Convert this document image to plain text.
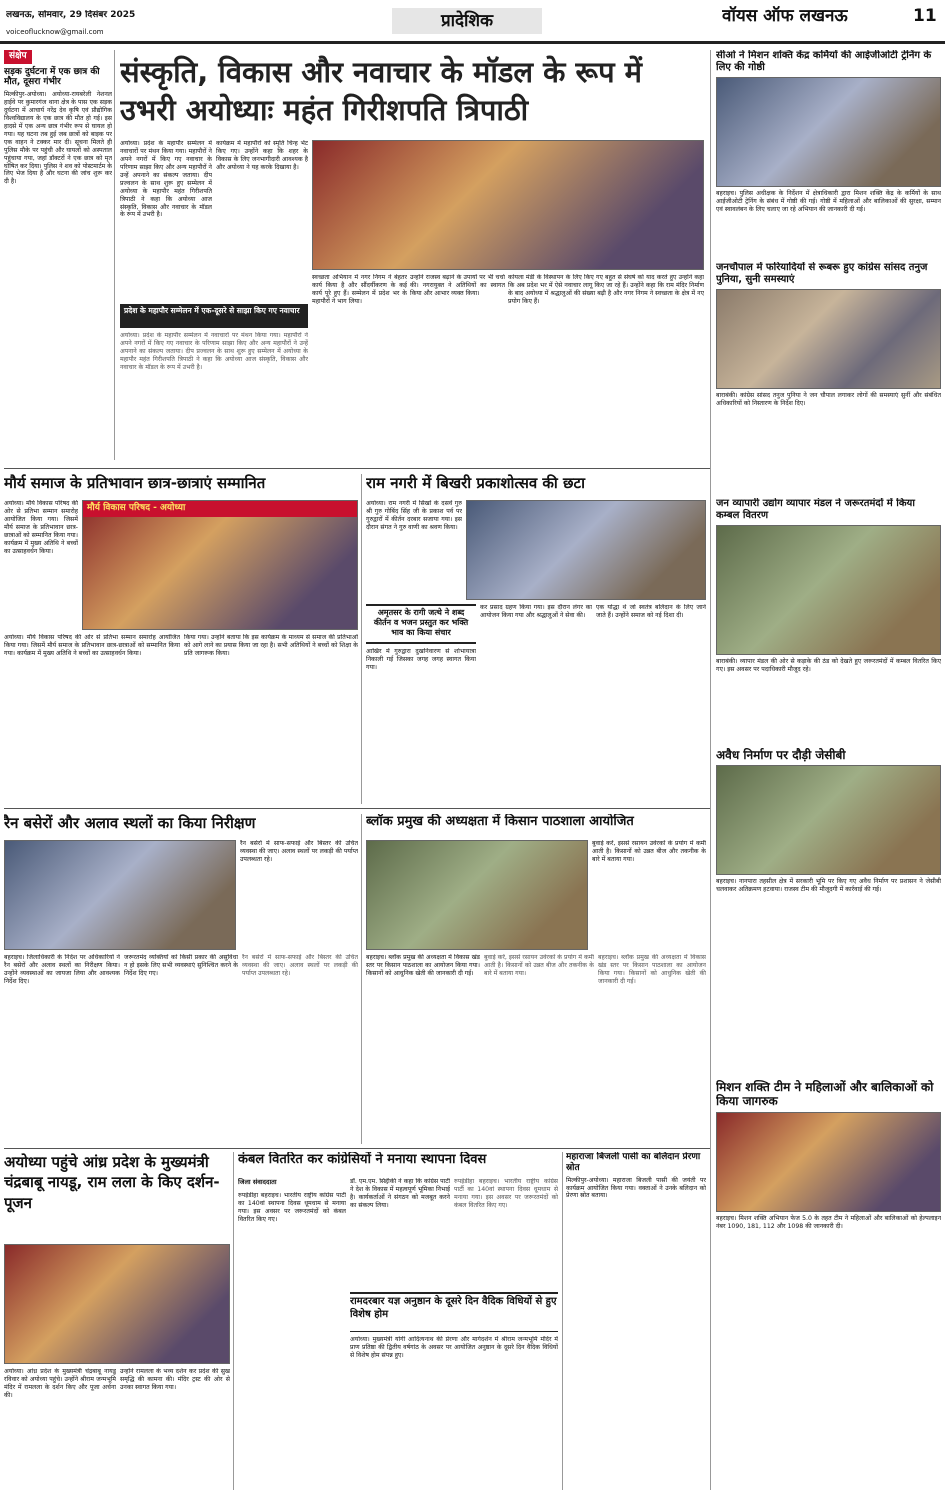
लखनऊ, सोमवार, 29 दिसंबर 2025
voiceoflucknow@gmail.com
प्रादेशिक	वॉयस ऑफ लखनऊ	11
संक्षेप
सड़क दुर्घटना में एक छात्र की मौत, दूसरा गंभीर
मिल्कीपुर-अयोध्या। अयोध्या-रायबरेली नेशनल हाईवे पर कुमारगंज थाना क्षेत्र के पास एक सड़क दुर्घटना में आचार्य नरेंद्र देव कृषि एवं प्रौद्योगिक विश्वविद्यालय के एक छात्र की मौत हो गई। इस हादसे में एक अन्य छात्र गंभीर रूप से घायल हो गया। यह घटना तब हुई जब छात्रों को बाइक पर एक वाहन ने टक्कर मार दी। सूचना मिलते ही पुलिस मौके पर पहुंची और घायलों को अस्पताल पहुंचाया गया, जहां डॉक्टरों ने एक छात्र को मृत घोषित कर दिया। पुलिस ने शव को पोस्टमार्टम के लिए भेज दिया है और घटना की जांच शुरू कर दी है।
संस्कृति, विकास और नवाचार के मॉडल के रूप में उभरी अयोध्याः महंत गिरीशपति त्रिपाठी
अयोध्या। प्रदेश के महापौर सम्मेलन में नवाचारों पर मंथन किया गया। महापौरों ने अपने नगरों में किए गए नवाचार के परिणाम साझा किए और अन्य महापौरों ने उन्हें अपनाने का संकल्प जताया। दीप प्रज्वलन के साथ शुरू हुए सम्मेलन में अयोध्या के महापौर महंत गिरीशपति त्रिपाठी ने कहा कि अयोध्या आज संस्कृति, विकास और नवाचार के मॉडल के रूप में उभरी है।
कार्यक्रम में महापौरों को स्मृति चिन्ह भेंट किए गए। उन्होंने कहा कि शहर के विकास के लिए जनभागीदारी आवश्यक है और अयोध्या ने यह करके दिखाया है।
स्वच्छता अभियान में नगर निगम ने बेहतर कार्य किया है और सौंदर्यीकरण के कई कार्य पूरे हुए हैं। सम्मेलन में प्रदेश भर के महापौरों ने भाग लिया।
उन्होंने राजस्व बढ़ाने के उपायों पर भी चर्चा की। नगरायुक्त ने अतिथियों का स्वागत किया और आभार व्यक्त किया।
कोयला मंडी के विस्थापन के लिए किए गए बहुत से संघर्ष को याद करते हुए उन्होंने कहा कि अब प्रदेश भर में ऐसे नवाचार लागू किए जा रहे हैं। उन्होंने कहा कि राम मंदिर निर्माण के बाद अयोध्या में श्रद्धालुओं की संख्या बढ़ी है और नगर निगम ने स्वच्छता के क्षेत्र में नए प्रयोग किए हैं।
प्रदेश के महापौर सम्मेलन में एक-दूसरे से साझा किए गए नवाचार
अयोध्या। प्रदेश के महापौर सम्मेलन में नवाचारों पर मंथन किया गया। महापौरों ने अपने नगरों में किए गए नवाचार के परिणाम साझा किए और अन्य महापौरों ने उन्हें अपनाने का संकल्प जताया। दीप प्रज्वलन के साथ शुरू हुए सम्मेलन में अयोध्या के महापौर महंत गिरीशपति त्रिपाठी ने कहा कि अयोध्या आज संस्कृति, विकास और नवाचार के मॉडल के रूप में उभरी है।
सीओ ने मिशन शक्ति केंद्र कर्मियों की आईजीओटी ट्रेनिंग के लिए की गोष्ठी
बहराइच। पुलिस अधीक्षक के निर्देशन में क्षेत्राधिकारी द्वारा मिशन शक्ति केंद्र के कर्मियों के साथ आईजीओटी ट्रेनिंग के संबंध में गोष्ठी की गई। गोष्ठी में महिलाओं और बालिकाओं की सुरक्षा, सम्मान एवं स्वावलंबन के लिए चलाए जा रहे अभियान की जानकारी दी गई।
जनचौपाल में फरियादियों से रूबरू हुए कांग्रेस सांसद तनुज पुनिया, सुनी समस्याएं
बाराबंकी। कांग्रेस सांसद तनुज पुनिया ने जन चौपाल लगाकर लोगों की समस्याएं सुनीं और संबंधित अधिकारियों को निस्तारण के निर्देश दिए।
जन व्यापारी उद्योग व्यापार मंडल ने जरूरतमंदों में किया कम्बल वितरण
बाराबंकी। व्यापार मंडल की ओर से कड़ाके की ठंड को देखते हुए जरूरतमंदों में कम्बल वितरित किए गए। इस अवसर पर पदाधिकारी मौजूद रहे।
अवैध निर्माण पर दौड़ी जेसीबी
बहराइच। नानपारा तहसील क्षेत्र में सरकारी भूमि पर किए गए अवैध निर्माण पर प्रशासन ने जेसीबी चलवाकर अतिक्रमण हटवाया। राजस्व टीम की मौजूदगी में कार्रवाई की गई।
मिशन शक्ति टीम ने महिलाओं और बालिकाओं को किया जागरुक
बहराइच। मिशन शक्ति अभियान फेज 5.0 के तहत टीम ने महिलाओं और बालिकाओं को हेल्पलाइन नंबर 1090, 181, 112 और 1098 की जानकारी दी।
मौर्य समाज के प्रतिभावान छात्र-छात्राएं सम्मानित
अयोध्या। मौर्य विकास परिषद की ओर से प्रतिभा सम्मान समारोह आयोजित किया गया। जिसमें मौर्य समाज के प्रतिभावान छात्र-छात्राओं को सम्मानित किया गया। कार्यक्रम में मुख्य अतिथि ने बच्चों का उत्साहवर्धन किया।
मौर्य विकास परिषद - अयोध्या
अयोध्या। मौर्य विकास परिषद की ओर से प्रतिभा सम्मान समारोह आयोजित किया गया। जिसमें मौर्य समाज के प्रतिभावान छात्र-छात्राओं को सम्मानित किया गया। कार्यक्रम में मुख्य अतिथि ने बच्चों का उत्साहवर्धन किया।
किया गया। उन्होंने बताया कि इस कार्यक्रम के माध्यम से समाज की प्रतिभाओं को आगे लाने का प्रयास किया जा रहा है। सभी अतिथियों ने बच्चों को शिक्षा के प्रति जागरूक किया।
राम नगरी में बिखरी प्रकाशोत्सव की छटा
अयोध्या। राम नगरी में सिखों के दसवें गुरु श्री गुरु गोबिंद सिंह जी के प्रकाश पर्व पर गुरुद्वारों में कीर्तन दरबार सजाया गया। इस दौरान संगत ने गुरु वाणी का श्रवण किया।
अमृतसर के रागी जत्थे ने शब्द कीर्तन व भजन प्रस्तुत कर भक्ति भाव का किया संचार
आखिर में गुरुद्वारा दुखनिवारण से शोभायात्रा निकाली गई जिसका जगह जगह स्वागत किया गया।
कर प्रसाद ग्रहण किया गया। इस दौरान लंगर का आयोजन किया गया और श्रद्धालुओं ने सेवा की।
एक योद्धा थे जो स्वतंत्र बलिदान के लिए जाने जाते हैं। उन्होंने समाज को नई दिशा दी।
रैन बसेरों और अलाव स्थलों का किया निरीक्षण
रैन बसेरों में साफ-सफाई और बिस्तर की उचित व्यवस्था की जाए। अलाव स्थलों पर लकड़ी की पर्याप्त उपलब्धता रहे।
बहराइच। जिलाधिकारी के निर्देश पर अधिकारियों ने रैन बसेरों और अलाव स्थलों का निरीक्षण किया। उन्होंने व्यवस्थाओं का जायजा लिया और आवश्यक निर्देश दिए।
जरूरतमंद व्यक्तियों को किसी प्रकार की असुविधा न हो इसके लिए सभी व्यवस्थाएं सुनिश्चित करने के निर्देश दिए गए।
रैन बसेरों में साफ-सफाई और बिस्तर की उचित व्यवस्था की जाए। अलाव स्थलों पर लकड़ी की पर्याप्त उपलब्धता रहे।
ब्लॉक प्रमुख की अध्यक्षता में किसान पाठशाला आयोजित
बुवाई करें, इससे रसायन उर्वरकों के प्रयोग में कमी आती है। किसानों को उन्नत बीज और तकनीक के बारे में बताया गया।
बहराइच। ब्लॉक प्रमुख की अध्यक्षता में विकास खंड स्तर पर किसान पाठशाला का आयोजन किया गया। किसानों को आधुनिक खेती की जानकारी दी गई।
बुवाई करें, इससे रसायन उर्वरकों के प्रयोग में कमी आती है। किसानों को उन्नत बीज और तकनीक के बारे में बताया गया।
बहराइच। ब्लॉक प्रमुख की अध्यक्षता में विकास खंड स्तर पर किसान पाठशाला का आयोजन किया गया। किसानों को आधुनिक खेती की जानकारी दी गई।
अयोध्या पहुंचे आंध्र प्रदेश के मुख्यमंत्री चंद्रबाबू नायडू, राम लला के किए दर्शन-पूजन
अयोध्या। आंध्र प्रदेश के मुख्यमंत्री चंद्रबाबू नायडू रविवार को अयोध्या पहुंचे। उन्होंने श्रीराम जन्मभूमि मंदिर में रामलला के दर्शन किए और पूजा अर्चना की।
उन्होंने रामलला के भव्य दर्शन कर प्रदेश की सुख समृद्धि की कामना की। मंदिर ट्रस्ट की ओर से उनका स्वागत किया गया।
कंबल वितरित कर कांग्रेसियों ने मनाया स्थापना दिवस
जिला संवाददाता
रुपईडीहा बहराइच। भारतीय राष्ट्रीय कांग्रेस पार्टी का 140वां स्थापना दिवस धूमधाम से मनाया गया। इस अवसर पर जरूरतमंदों को कंबल वितरित किए गए।
डॉ. एम.एम. सिद्दीकी ने कहा कि कांग्रेस पार्टी ने देश के विकास में महत्वपूर्ण भूमिका निभाई है। कार्यकर्ताओं ने संगठन को मजबूत करने का संकल्प लिया।
रुपईडीहा बहराइच। भारतीय राष्ट्रीय कांग्रेस पार्टी का 140वां स्थापना दिवस धूमधाम से मनाया गया। इस अवसर पर जरूरतमंदों को कंबल वितरित किए गए।
महाराजा बिजली पासी का बलिदान प्रेरणा स्रोत
मिल्कीपुर-अयोध्या। महाराजा बिजली पासी की जयंती पर कार्यक्रम आयोजित किया गया। वक्ताओं ने उनके बलिदान को प्रेरणा स्रोत बताया।
रामदरबार यज्ञ अनुष्ठान के दूसरे दिन वैदिक विधियों से हुए विशेष होम
अयोध्या। मुख्यमंत्री योगी आदित्यनाथ की प्रेरणा और मार्गदर्शन में श्रीराम जन्मभूमि मंदिर में प्राण प्रतिष्ठा की द्वितीय वर्षगांठ के अवसर पर आयोजित अनुष्ठान के दूसरे दिन वैदिक विधियों से विशेष होम संपन्न हुए।
